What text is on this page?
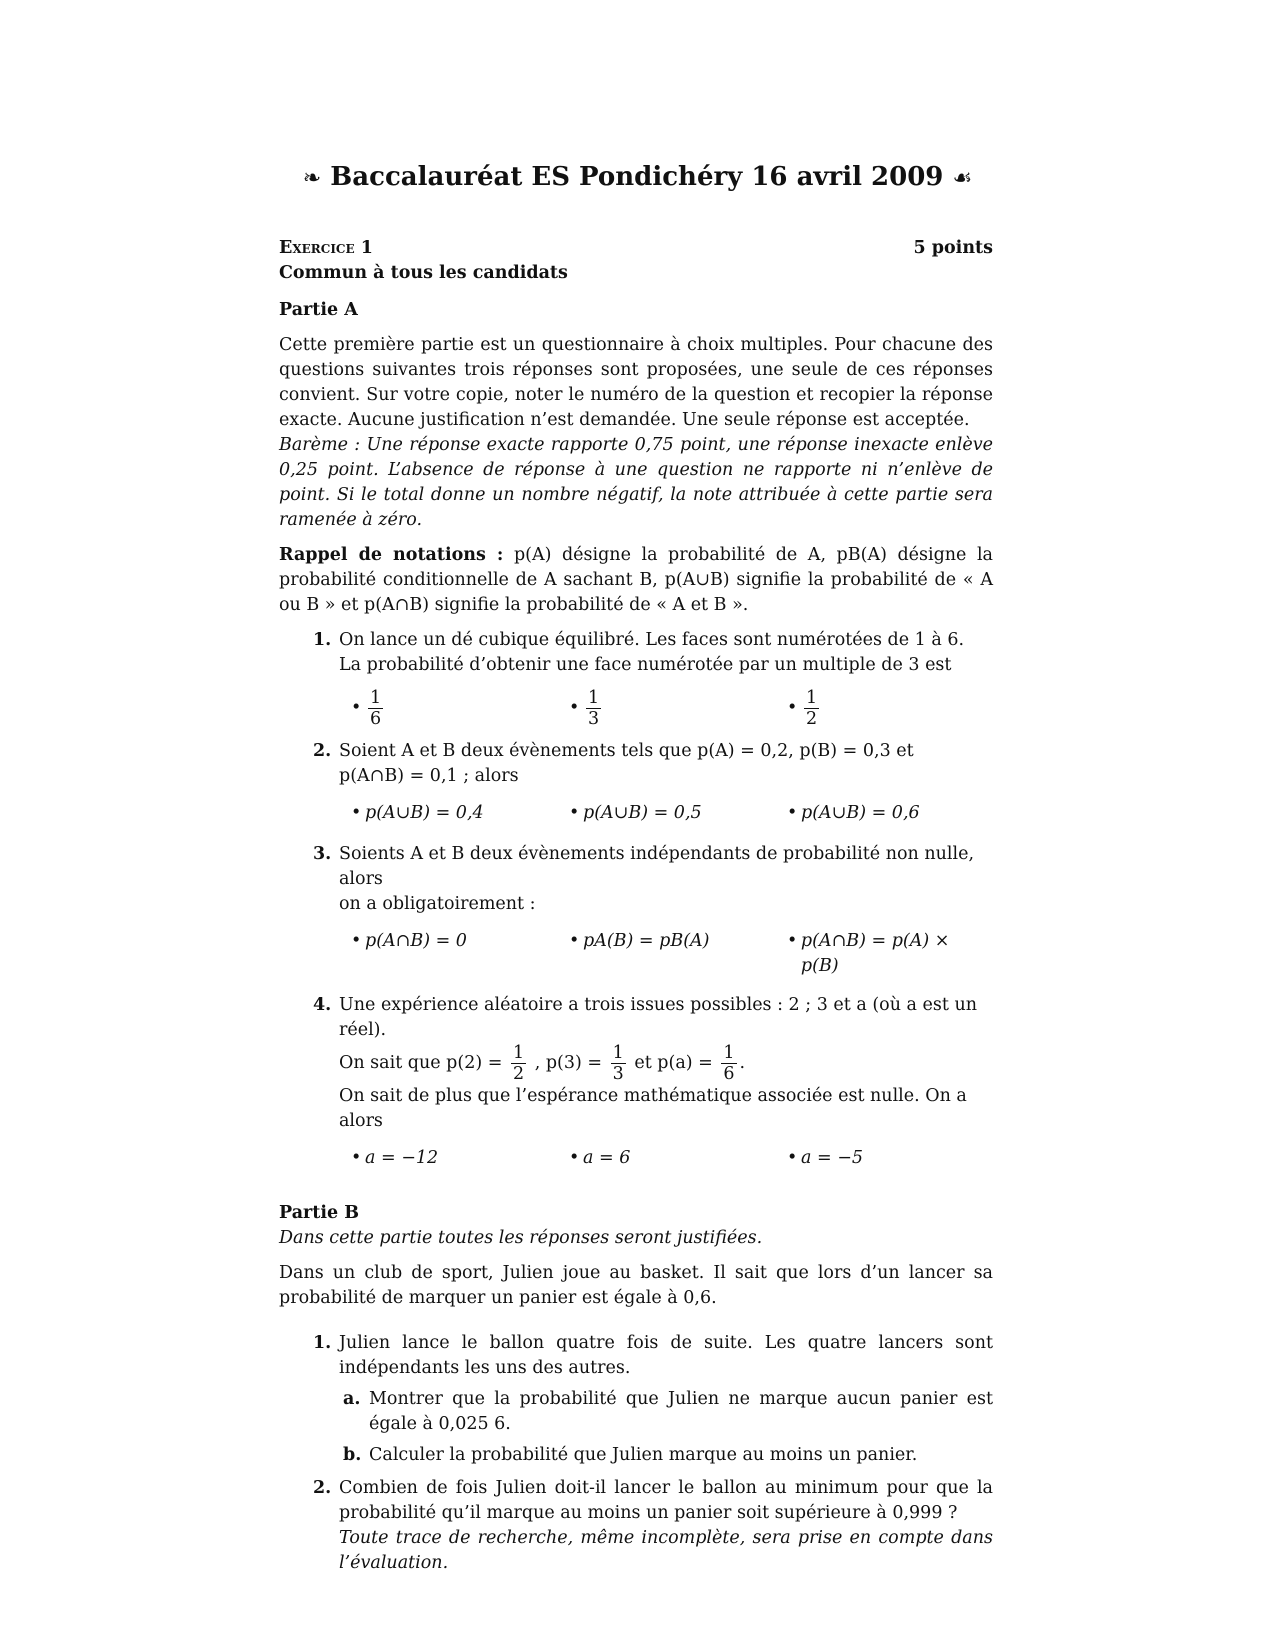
❧ Baccalauréat ES Pondichéry 16 avril 2009 ☙
Exercice 1	5 points

Commun à tous les candidats

Partie A

Cette première partie est un questionnaire à choix multiples. Pour chacune des questions suivantes trois réponses sont proposées, une seule de ces réponses convient. Sur votre copie, noter le numéro de la question et recopier la réponse exacte. Aucune justification n’est demandée. Une seule réponse est acceptée.

Barème : Une réponse exacte rapporte 0,75 point, une réponse inexacte enlève 0,25 point. L’absence de réponse à une question ne rapporte ni n’enlève de point. Si le total donne un nombre négatif, la note attribuée à cette partie sera ramenée à zéro.

Rappel de notations : p(A) désigne la probabilité de A, pB(A) désigne la probabilité conditionnelle de A sachant B, p(A∪B) signifie la probabilité de « A ou B » et p(A∩B) signifie la probabilité de « A et B ».

1. On lance un dé cubique équilibré. Les faces sont numérotées de 1 à 6.

La probabilité d’obtenir une face numérotée par un multiple de 3 est

• $\frac{1}{6}$	• $\frac{1}{3}$	• $\frac{1}{2}$
2. Soient A et B deux évènements tels que p(A) = 0,2, p(B) = 0,3 et

p(A∩B) = 0,1 ; alors

• p(A∪B) = 0,4	• p(A∪B) = 0,5	• p(A∪B) = 0,6
3. Soients A et B deux évènements indépendants de probabilité non nulle, alors

on a obligatoirement :

• p(A∩B) = 0	• pA(B) = pB(A)	• p(A∩B) = p(A) × p(B)
4. Une expérience aléatoire a trois issues possibles : 2 ; 3 et a (où a est un réel).

On sait que $p(2) = \frac{1}{2}$ , $p(3) = \frac{1}{3}$ et $p(a) = \frac{1}{6}$ .

On sait de plus que l’espérance mathématique associée est nulle. On a alors

• a = −12	• a = 6	• a = −5

Partie B

Dans cette partie toutes les réponses seront justifiées.

Dans un club de sport, Julien joue au basket. Il sait que lors d’un lancer sa probabilité de marquer un panier est égale à 0,6.

1. Julien lance le ballon quatre fois de suite. Les quatre lancers sont indépendants les uns des autres.

a. Montrer que la probabilité que Julien ne marque aucun panier est égale à 0,025 6.

b. Calculer la probabilité que Julien marque au moins un panier.

2. Combien de fois Julien doit-il lancer le ballon au minimum pour que la probabilité qu’il marque au moins un panier soit supérieure à 0,999 ?

Toute trace de recherche, même incomplète, sera prise en compte dans l’évaluation.
